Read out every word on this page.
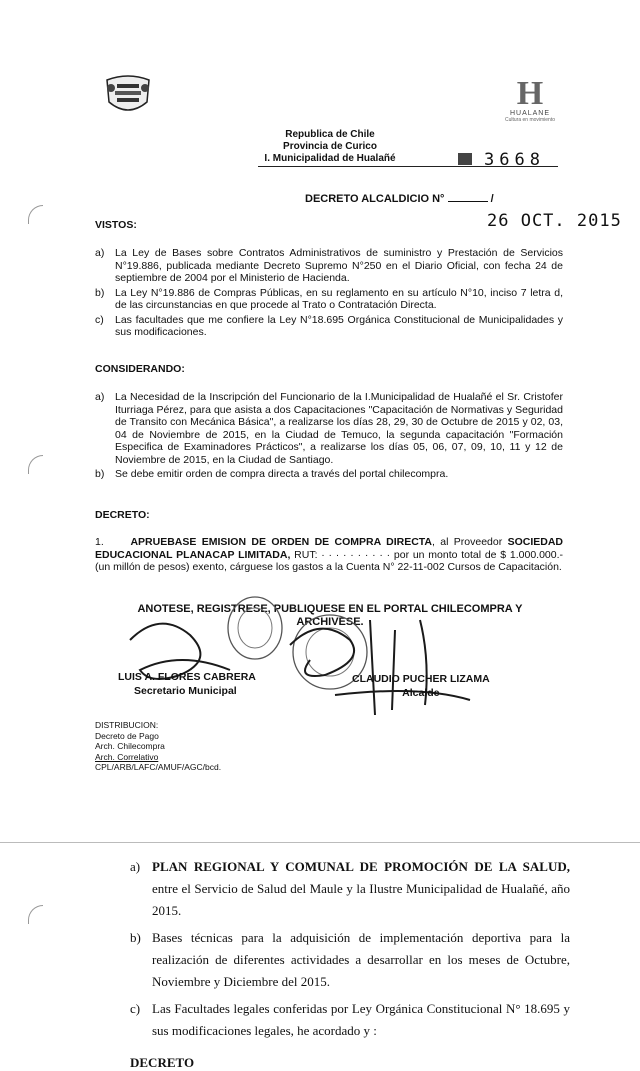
H
HUALANE
Cultura en movimiento
Republica de Chile
Provincia de Curico
I. Municipalidad de Hualañé	3668
DECRETO ALCALDICIO N°	/
26 OCT. 2015
VISTOS:
a) La Ley de Bases sobre Contratos Administrativos de suministro y Prestación de Servicios N°19.886, publicada mediante Decreto Supremo N°250 en el Diario Oficial, con fecha 24 de septiembre de 2004 por el Ministerio de Hacienda.
b) La Ley N°19.886 de Compras Públicas, en su reglamento en su artículo N°10, inciso 7 letra d, de las circunstancias en que procede al Trato o Contratación Directa.
c) Las facultades que me confiere la Ley N°18.695 Orgánica Constitucional de Municipalidades y sus modificaciones.
CONSIDERANDO:
a) La Necesidad de la Inscripción del Funcionario de la I.Municipalidad de Hualañé el Sr. Cristofer Iturriaga Pérez, para que asista a dos Capacitaciones "Capacitación de Normativas y Seguridad de Transito con Mecánica Básica", a realizarse los días 28, 29, 30 de Octubre de 2015 y 02, 03, 04 de Noviembre de 2015, en la Ciudad de Temuco, la segunda capacitación "Formación Especifica de Examinadores Prácticos", a realizarse los días 05, 06, 07, 09, 10, 11 y 12 de Noviembre de 2015, en la Ciudad de Santiago.
b) Se debe emitir orden de compra directa a través del portal chilecompra.
DECRETO:
1.	APRUEBASE EMISION DE ORDEN DE COMPRA DIRECTA, al Proveedor SOCIEDAD EDUCACIONAL PLANACAP LIMITADA, RUT: · · · · · · · · · · por un monto total de $ 1.000.000.- (un millón de pesos) exento, cárguese los gastos a la Cuenta N° 22-11-002 Cursos de Capacitación.
ANOTESE, REGISTRESE, PUBLIQUESE EN EL PORTAL CHILECOMPRA Y ARCHIVESE.
LUIS A. FLORES CABRERA
Secretario Municipal
CLAUDIO PUCHER LIZAMA
Alcalde
DISTRIBUCION:
Decreto de Pago
Arch. Chilecompra
Arch. Correlativo
CPL/ARB/LAFC/AMUF/AGC/bcd.
a) PLAN REGIONAL Y COMUNAL DE PROMOCIÓN DE LA SALUD, entre el Servicio de Salud del Maule y la Ilustre Municipalidad de Hualañé, año 2015.
b) Bases técnicas para la adquisición de implementación deportiva para la realización de diferentes actividades a desarrollar en los meses de Octubre, Noviembre y Diciembre del 2015.
c) Las Facultades legales conferidas por Ley Orgánica Constitucional N° 18.695 y sus modificaciones legales, he acordado y :
DECRETO
